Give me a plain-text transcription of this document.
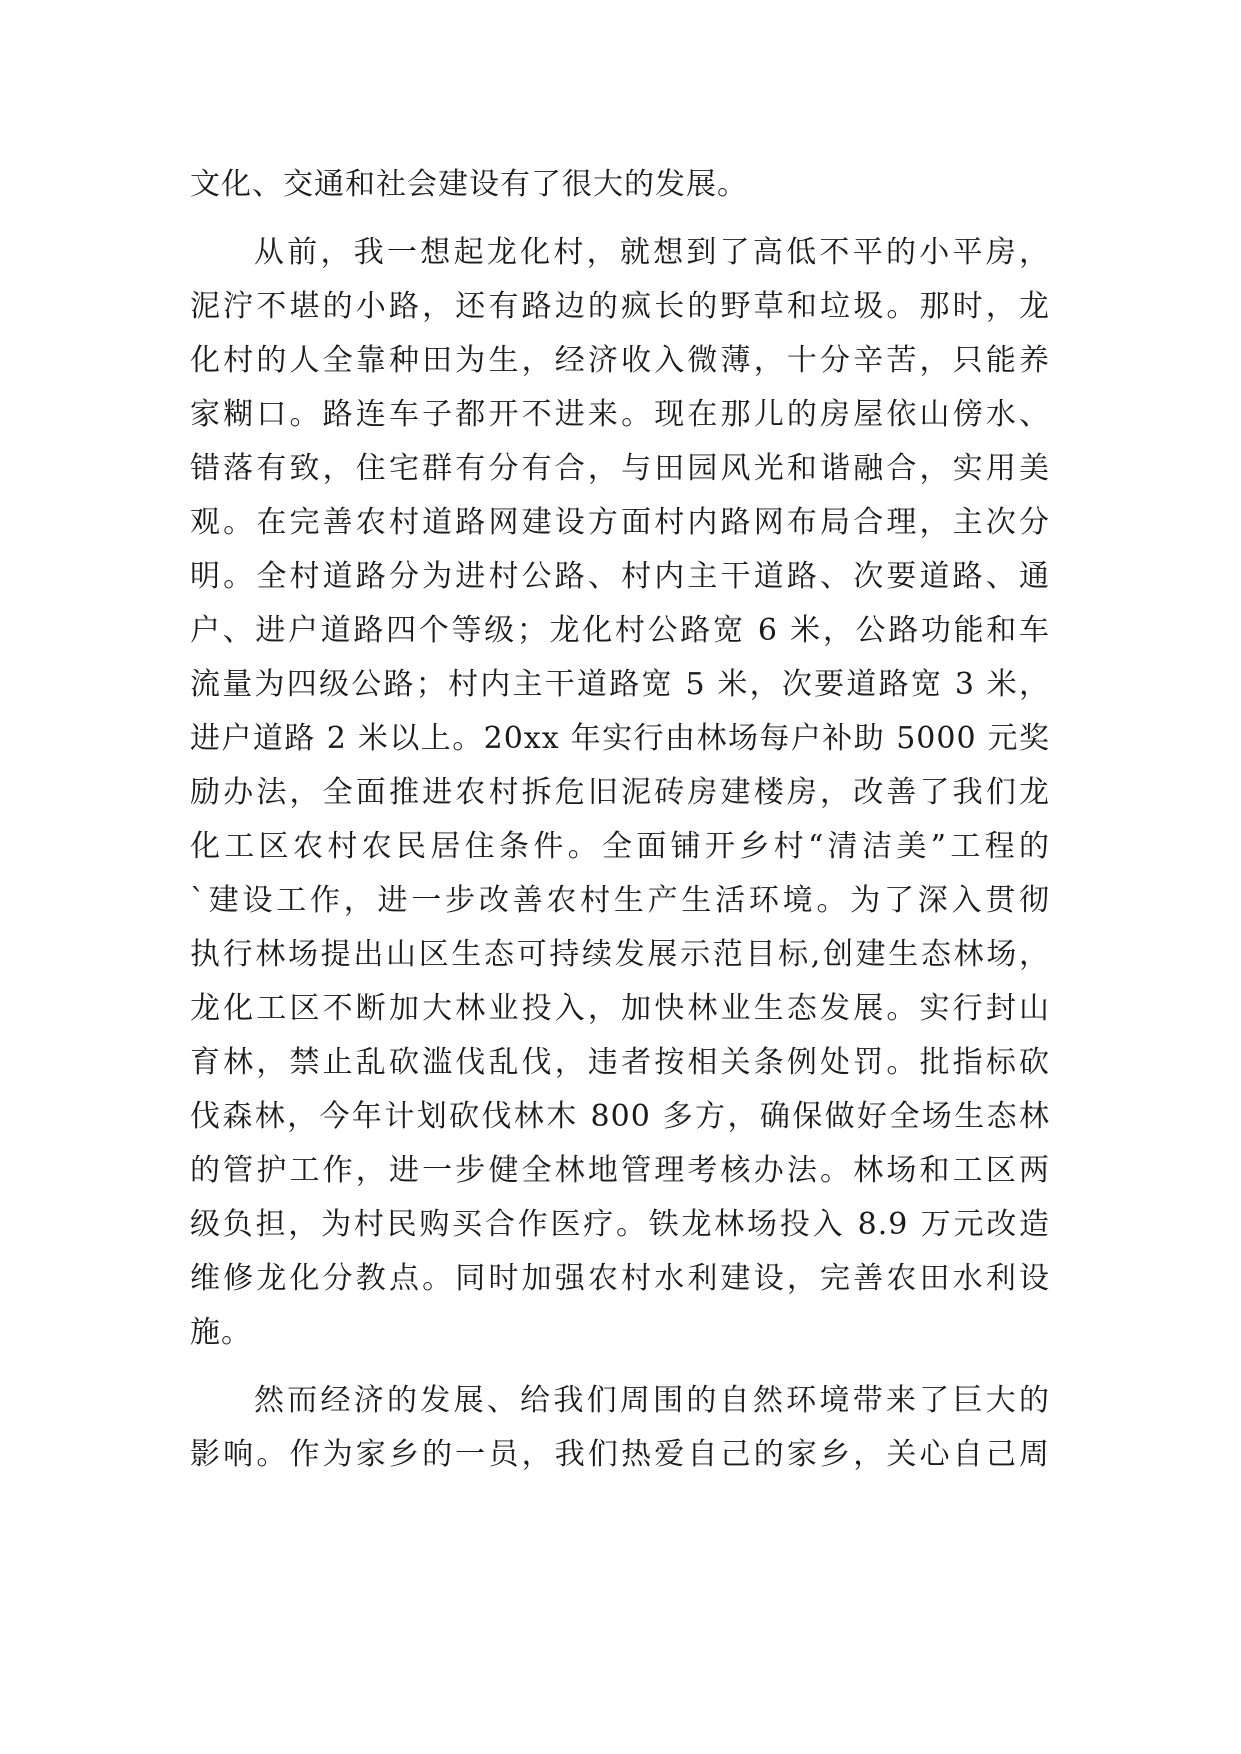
文化、交通和社会建设有了很大的发展。
从前，我一想起龙化村，就想到了高低不平的小平房，
泥泞不堪的小路，还有路边的疯长的野草和垃圾。那时，龙
化村的人全靠种田为生，经济收入微薄，十分辛苦，只能养
家糊口。路连车子都开不进来。现在那儿的房屋依山傍水、
错落有致，住宅群有分有合，与田园风光和谐融合，实用美
观。在完善农村道路网建设方面村内路网布局合理，主次分
明。全村道路分为进村公路、村内主干道路、次要道路、通
户、进户道路四个等级；龙化村公路宽 6 米，公路功能和车
流量为四级公路；村内主干道路宽 5 米，次要道路宽 3 米，
进户道路 2 米以上。20xx 年实行由林场每户补助 5000 元奖
励办法，全面推进农村拆危旧泥砖房建楼房，改善了我们龙
化工区农村农民居住条件。全面铺开乡村“清洁美”工程的
`建设工作，进一步改善农村生产生活环境。为了深入贯彻
执行林场提出山区生态可持续发展示范目标,创建生态林场，
龙化工区不断加大林业投入，加快林业生态发展。实行封山
育林，禁止乱砍滥伐乱伐，违者按相关条例处罚。批指标砍
伐森林，今年计划砍伐林木 800 多方，确保做好全场生态林
的管护工作，进一步健全林地管理考核办法。林场和工区两
级负担，为村民购买合作医疗。铁龙林场投入 8.9 万元改造
维修龙化分教点。同时加强农村水利建设，完善农田水利设
施。
然而经济的发展、给我们周围的自然环境带来了巨大的
影响。作为家乡的一员，我们热爱自己的家乡，关心自己周
